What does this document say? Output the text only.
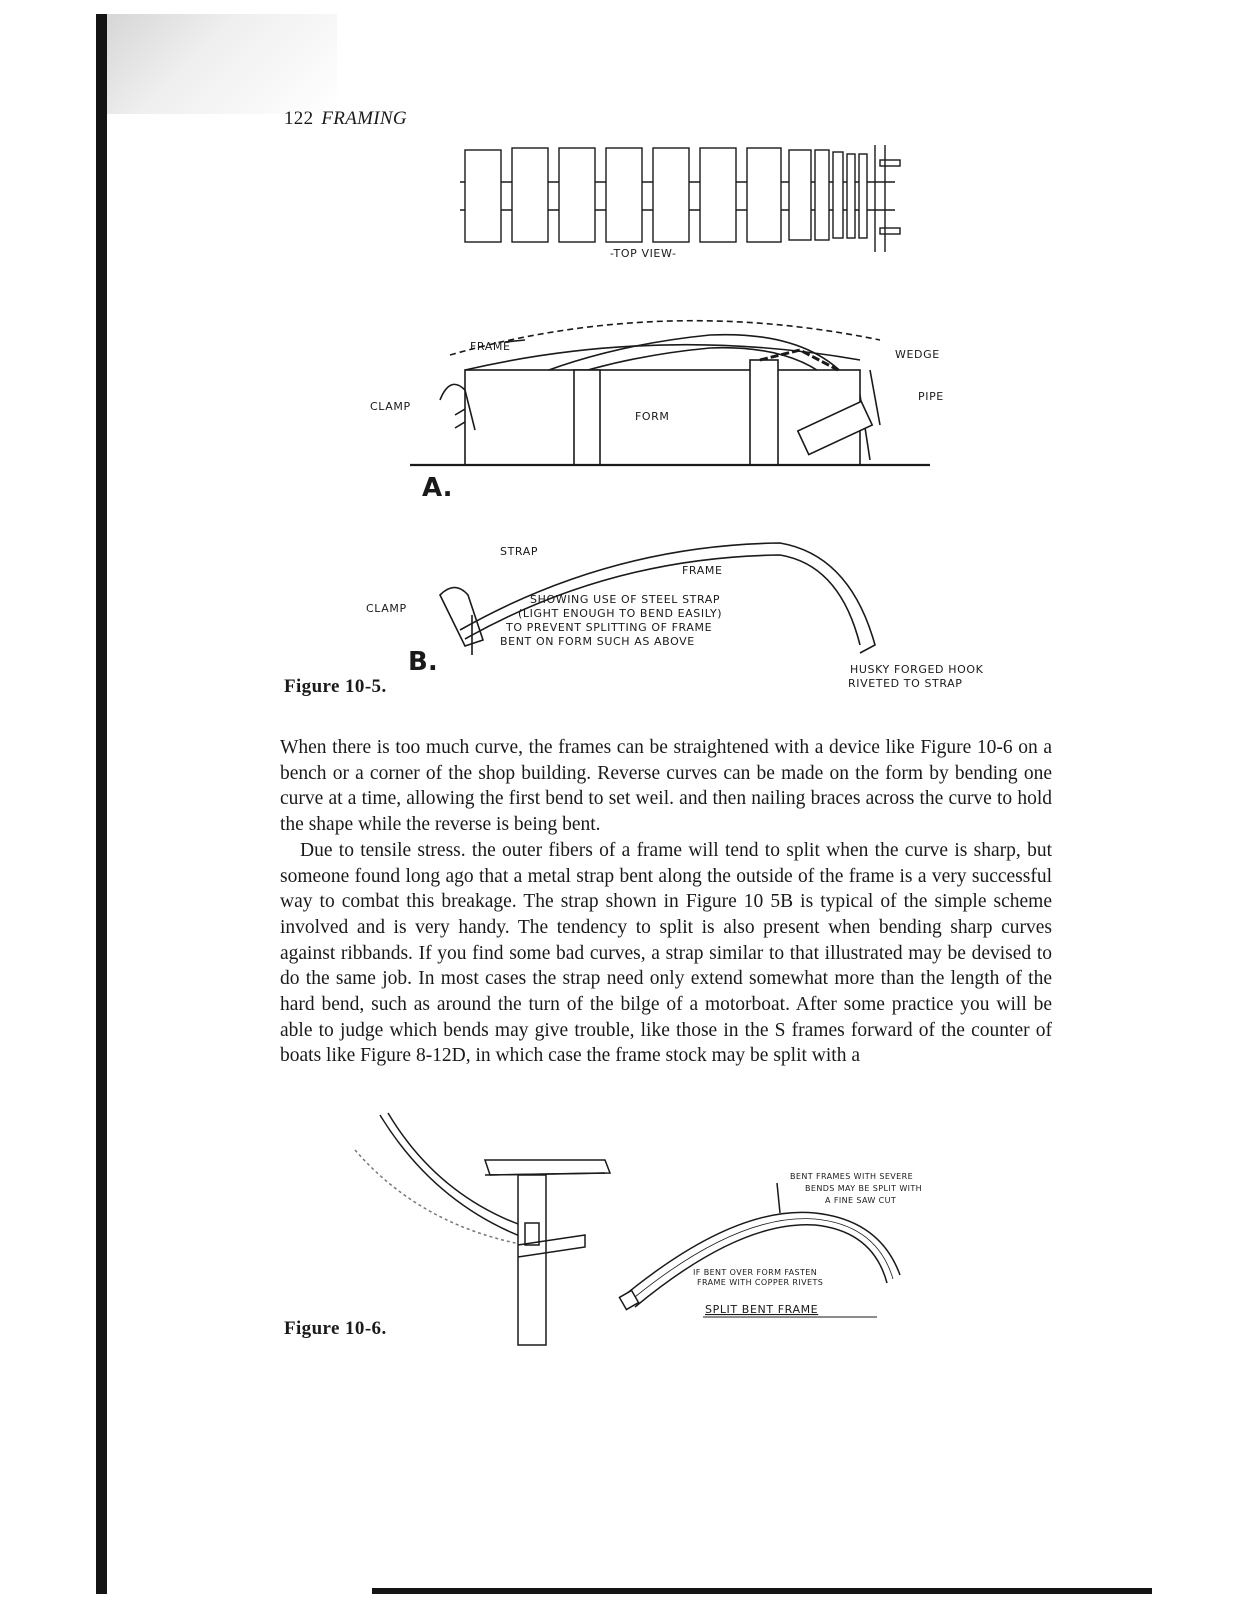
122 FRAMING
-TOP VIEW-
FRAME
WEDGE
CLAMP
PIPE
FORM
A.
STRAP
FRAME
CLAMP
SHOWING USE OF STEEL STRAP
(LIGHT ENOUGH TO BEND EASILY)
TO PREVENT SPLITTING OF FRAME
BENT ON FORM SUCH AS ABOVE
B.	HUSKY FORGED HOOK
RIVETED TO STRAP
Figure 10-5.

When there is too much curve, the frames can be straightened with a device like Figure 10-6 on a bench or a corner of the shop building. Reverse curves can be made on the form by bending one curve at a time, allowing the first bend to set weil. and then nailing braces across the curve to hold the shape while the reverse is being bent.

Due to tensile stress. the outer fibers of a frame will tend to split when the curve is sharp, but someone found long ago that a metal strap bent along the outside of the frame is a very successful way to combat this breakage. The strap shown in Figure 10 5B is typical of the simple scheme involved and is very handy. The tendency to split is also present when bending sharp curves against ribbands. If you find some bad curves, a strap similar to that illustrated may be devised to do the same job. In most cases the strap need only extend somewhat more than the length of the hard bend, such as around the turn of the bilge of a motorboat. After some practice you will be able to judge which bends may give trouble, like those in the S frames forward of the counter of boats like Figure 8-12D, in which case the frame stock may be split with a

BENT FRAMES WITH SEVERE
BENDS MAY BE SPLIT WITH
A FINE SAW CUT
IF BENT OVER FORM FASTEN
FRAME WITH COPPER RIVETS
SPLIT BENT FRAME
Figure 10-6.
